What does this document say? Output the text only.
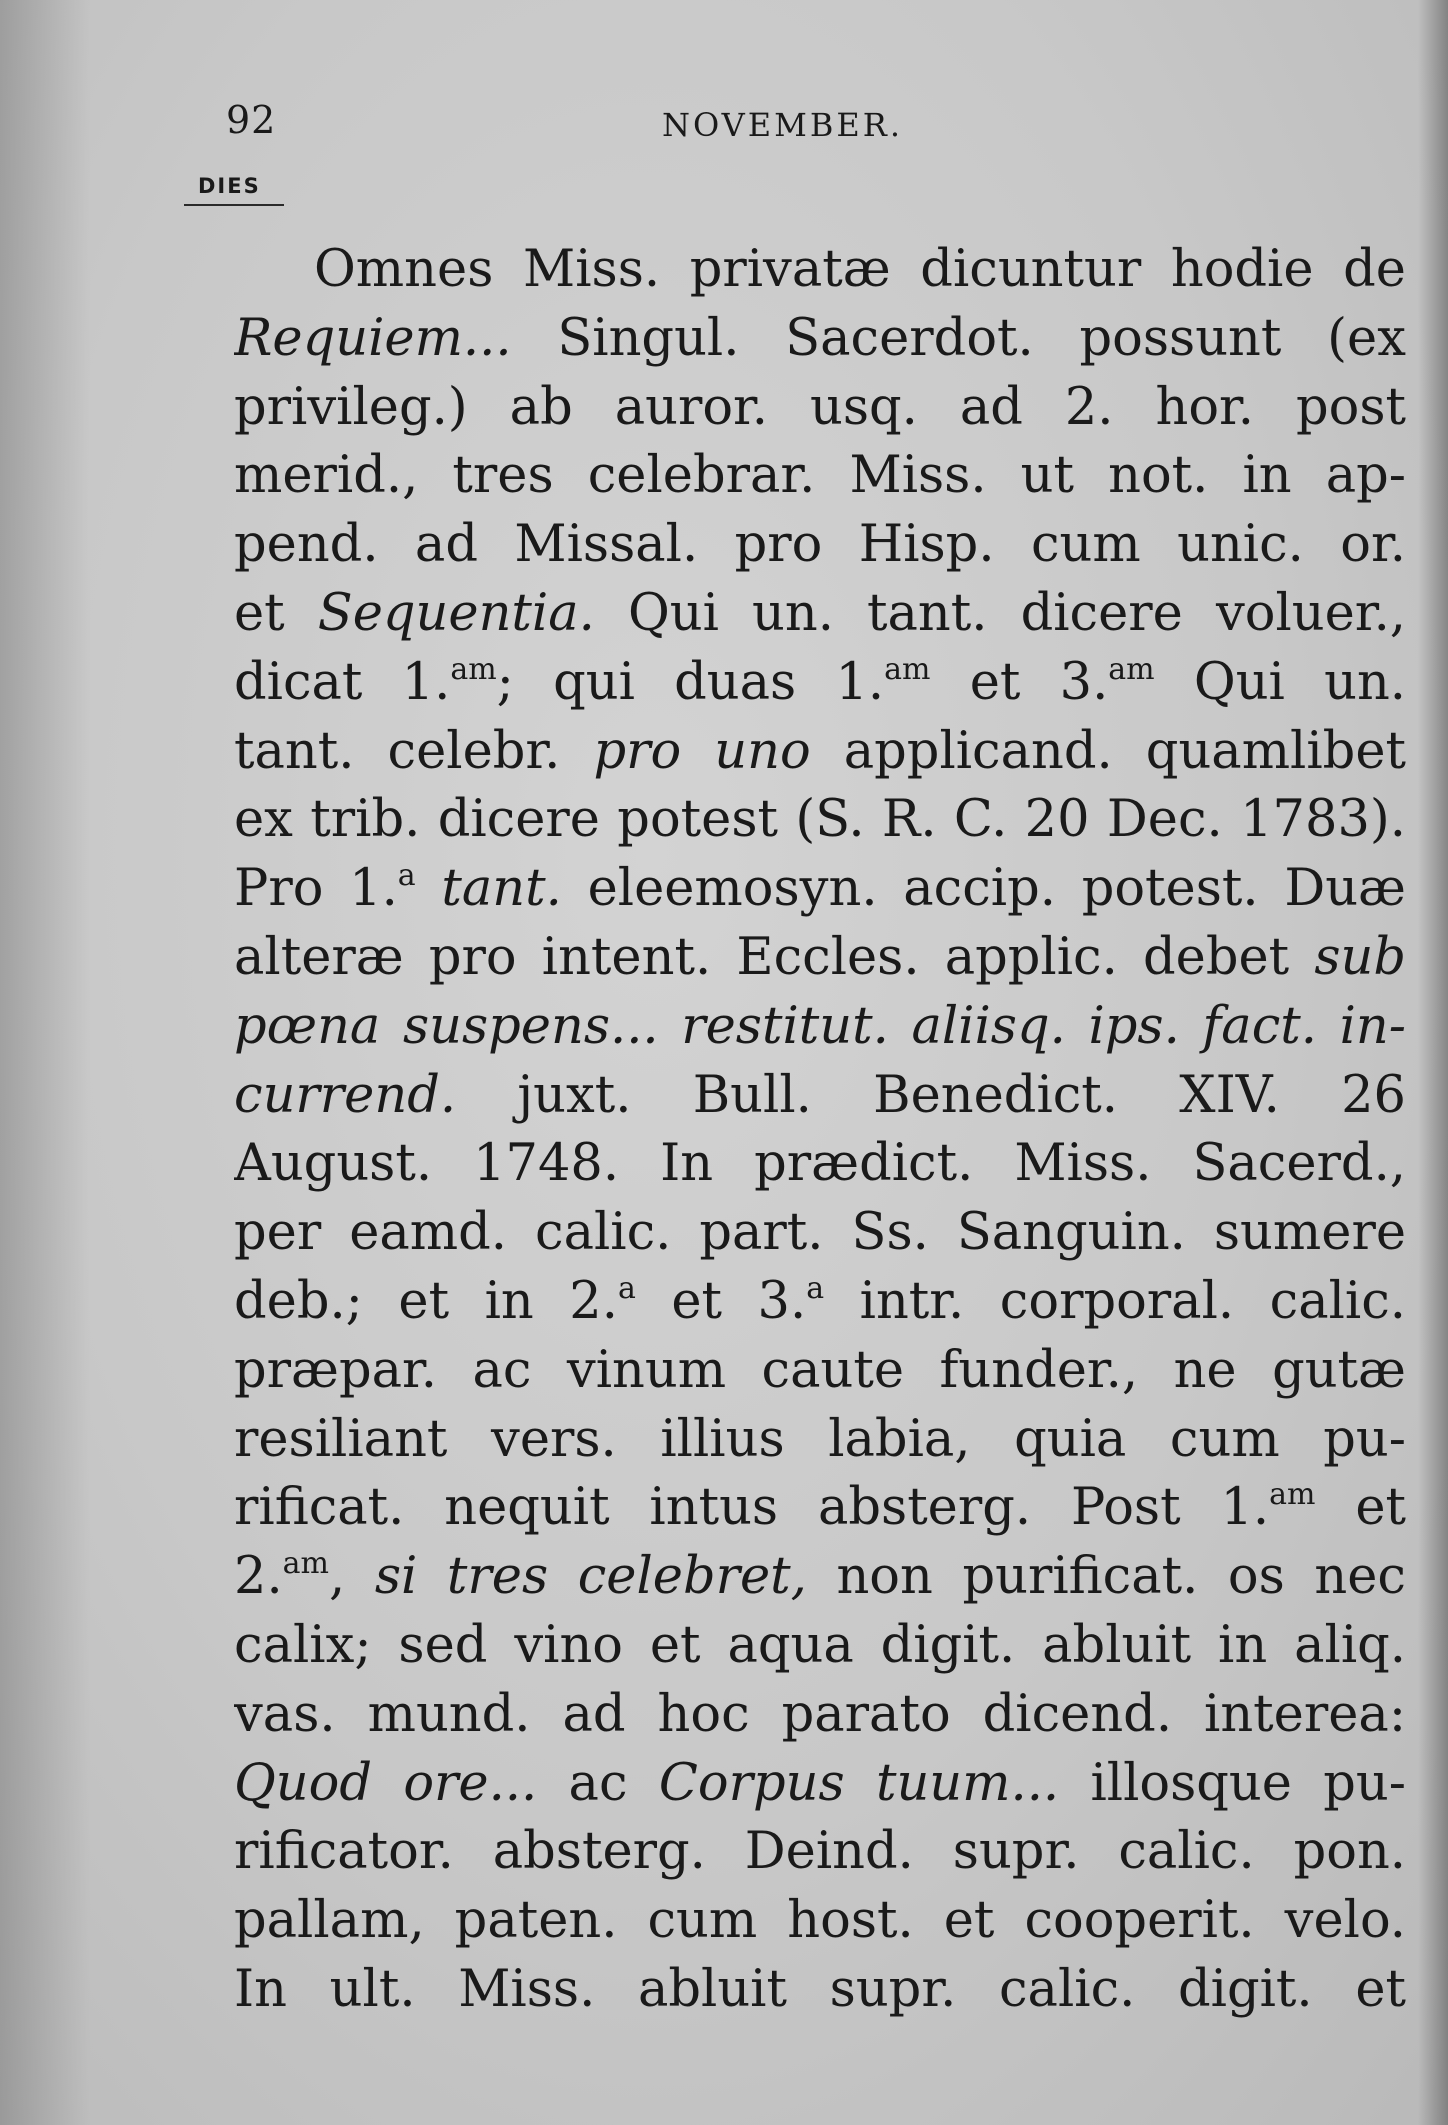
92	NOVEMBER.
DIES
Omnes Miss. privatæ dicuntur hodie de
Requiem... Singul. Sacerdot. possunt (ex
privileg.) ab auror. usq. ad 2. hor. post
merid., tres celebrar. Miss. ut not. in ap-
pend. ad Missal. pro Hisp. cum unic. or.
et Sequentia. Qui un. tant. dicere voluer.,
dicat 1.$^{am}$; qui duas 1.$^{am}$ et 3.$^{am}$ Qui un.
tant. celebr. pro uno applicand. quamlibet
ex trib. dicere potest (S. R. C. 20 Dec. 1783).
Pro 1.$^a$ tant. eleemosyn. accip. potest. Duæ
alteræ pro intent. Eccles. applic. debet sub
pœna suspens... restitut. aliisq. ips. fact. in-
currend. juxt. Bull. Benedict. XIV. 26
August. 1748. In prædict. Miss. Sacerd.,
per eamd. calic. part. Ss. Sanguin. sumere
deb.; et in 2.$^a$ et 3.$^a$ intr. corporal. calic.
præpar. ac vinum caute funder., ne gutæ
resiliant vers. illius labia, quia cum pu-
rificat. nequit intus absterg. Post 1.$^{am}$ et
2.$^{am}$, si tres celebret, non purificat. os nec
calix; sed vino et aqua digit. abluit in aliq.
vas. mund. ad hoc parato dicend. interea:
Quod ore... ac Corpus tuum... illosque pu-
rificator. absterg. Deind. supr. calic. pon.
pallam, paten. cum host. et cooperit. velo.
In ult. Miss. abluit supr. calic. digit. et
